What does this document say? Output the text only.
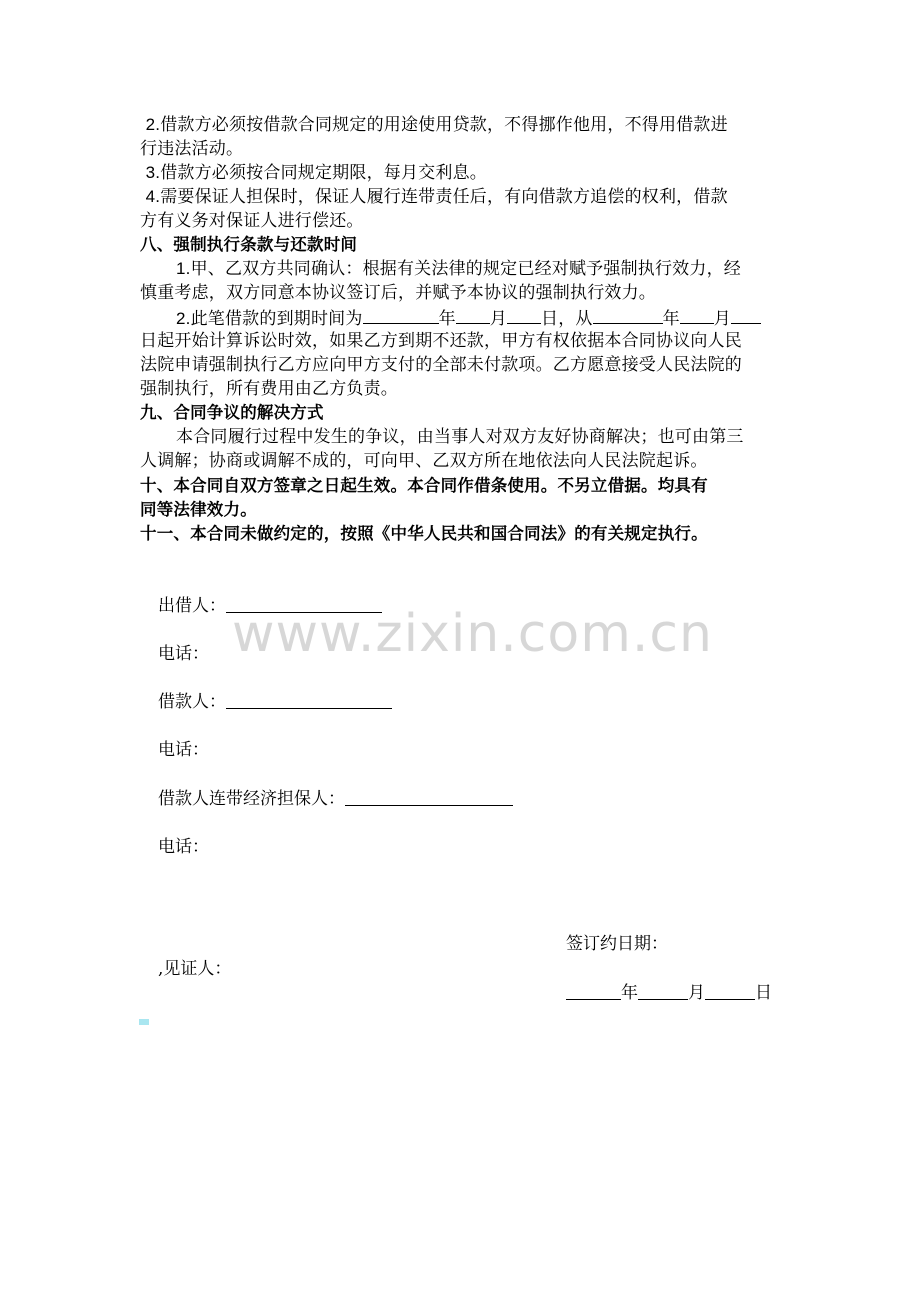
2.借款方必须按借款合同规定的用途使用贷款，不得挪作他用，不得用借款进
行违法活动。
3.借款方必须按合同规定期限，每月交利息。
4.需要保证人担保时，保证人履行连带责任后，有向借款方追偿的权利，借款
方有义务对保证人进行偿还。
八、强制执行条款与还款时间
1.甲、乙双方共同确认：根据有关法律的规定已经对赋予强制执行效力，经
慎重考虑，双方同意本协议签订后，并赋予本协议的强制执行效力。
2.此笔借款的到期时间为	年 月 日，从	年 月
日起开始计算诉讼时效，如果乙方到期不还款，甲方有权依据本合同协议向人民
法院申请强制执行乙方应向甲方支付的全部未付款项。乙方愿意接受人民法院的
强制执行，所有费用由乙方负责。
九、合同争议的解决方式
本合同履行过程中发生的争议，由当事人对双方友好协商解决；也可由第三
人调解；协商或调解不成的，可向甲、乙双方所在地依法向人民法院起诉。
十、本合同自双方签章之日起生效。本合同作借条使用。不另立借据。均具有
同等法律效力。
十一、本合同未做约定的，按照《中华人民共和国合同法》的有关规定执行。
www.zixin.com.cn
出借人：
电话：
借款人：
电话：
借款人连带经济担保人：
电话：
签订约日期：
,见证人：
年	月	日
